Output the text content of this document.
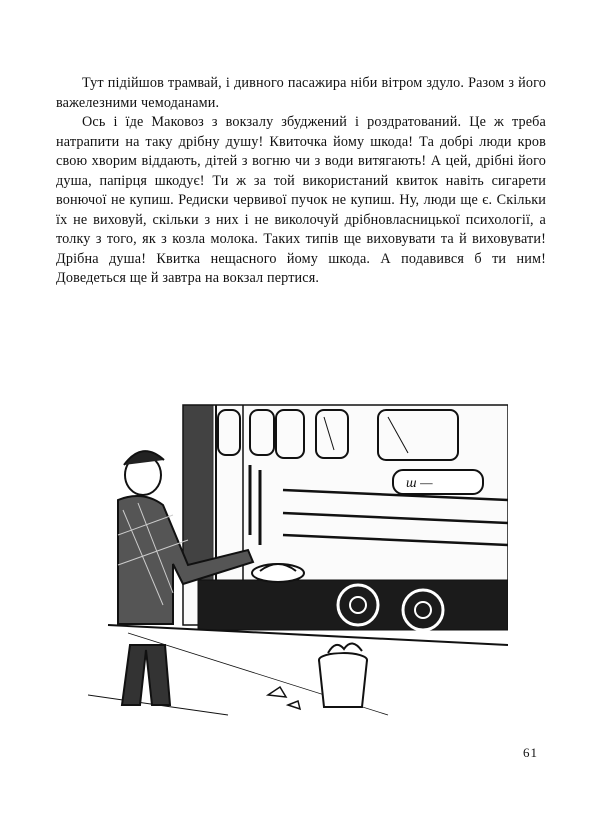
Тут підійшов трамвай, і дивного пасажира ніби вітром здуло. Разом з його важелезними чемоданами.

Ось і їде Маковоз з вокзалу збуджений і роздратований. Це ж треба натрапити на таку дрібну душу! Квиточка йому шкода! Та добрі люди кров свою хворим віддають, дітей з вогню чи з води витягають! А цей, дрібні його душа, папірця шкодує! Ти ж за той використаний квиток навіть сигарети вонючої не купиш. Редиски червивої пучок не купиш. Ну, люди ще є. Скільки їх не виховуй, скільки з них і не виколочуй дрібновласницької психології, а толку з того, як з козла молока. Таких типів ще виховувати та й виховувати! Дрібна душа! Квитка нещасного йому шкода. А подавився б ти ним! Доведеться ще й завтра на вокзал пертися.

ш —
61
